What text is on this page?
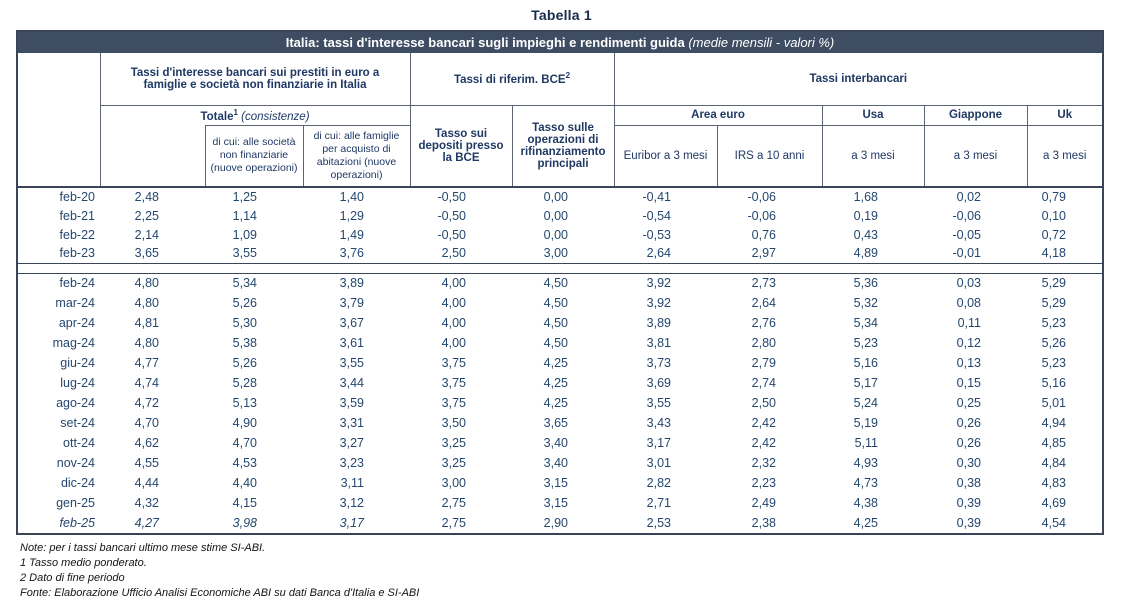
Tabella 1
Italia: tassi d'interesse bancari sugli impieghi e rendimenti guida (medie mensili - valori %)										
	Tassi d'interesse bancari sui prestiti in euro a famiglie e società non finanziarie in Italia			Tassi di riferim. BCE$^2$		Tassi interbancari				
	Totale$^1$ (consistenze)			Tasso sui depositi presso la BCE	Tasso sulle operazioni di rifinanziamento principali	Area euro		Usa	Giappone	Uk
		di cui: alle società non finanziarie (nuove operazioni)	di cui: alle famiglie per acquisto di abitazioni (nuove operazioni)			Euribor a 3 mesi	IRS a 10 anni	a 3 mesi	a 3 mesi	a 3 mesi
feb-20	2,48	1,25	1,40	-0,50	0,00	-0,41	-0,06	1,68	0,02	0,79
feb-21	2,25	1,14	1,29	-0,50	0,00	-0,54	-0,06	0,19	-0,06	0,10
feb-22	2,14	1,09	1,49	-0,50	0,00	-0,53	0,76	0,43	-0,05	0,72
feb-23	3,65	3,55	3,76	2,50	3,00	2,64	2,97	4,89	-0,01	4,18

feb-24	4,80	5,34	3,89	4,00	4,50	3,92	2,73	5,36	0,03	5,29
mar-24	4,80	5,26	3,79	4,00	4,50	3,92	2,64	5,32	0,08	5,29
apr-24	4,81	5,30	3,67	4,00	4,50	3,89	2,76	5,34	0,11	5,23
mag-24	4,80	5,38	3,61	4,00	4,50	3,81	2,80	5,23	0,12	5,26
giu-24	4,77	5,26	3,55	3,75	4,25	3,73	2,79	5,16	0,13	5,23
lug-24	4,74	5,28	3,44	3,75	4,25	3,69	2,74	5,17	0,15	5,16
ago-24	4,72	5,13	3,59	3,75	4,25	3,55	2,50	5,24	0,25	5,01
set-24	4,70	4,90	3,31	3,50	3,65	3,43	2,42	5,19	0,26	4,94
ott-24	4,62	4,70	3,27	3,25	3,40	3,17	2,42	5,11	0,26	4,85
nov-24	4,55	4,53	3,23	3,25	3,40	3,01	2,32	4,93	0,30	4,84
dic-24	4,44	4,40	3,11	3,00	3,15	2,82	2,23	4,73	0,38	4,83
gen-25	4,32	4,15	3,12	2,75	3,15	2,71	2,49	4,38	0,39	4,69
feb-25	4,27	3,98	3,17	2,75	2,90	2,53	2,38	4,25	0,39	4,54
Note: per i tassi bancari ultimo mese stime SI-ABI.
1 Tasso medio ponderato.
2 Dato di fine periodo
Fonte: Elaborazione Ufficio Analisi Economiche ABI su dati Banca d'Italia e SI-ABI
